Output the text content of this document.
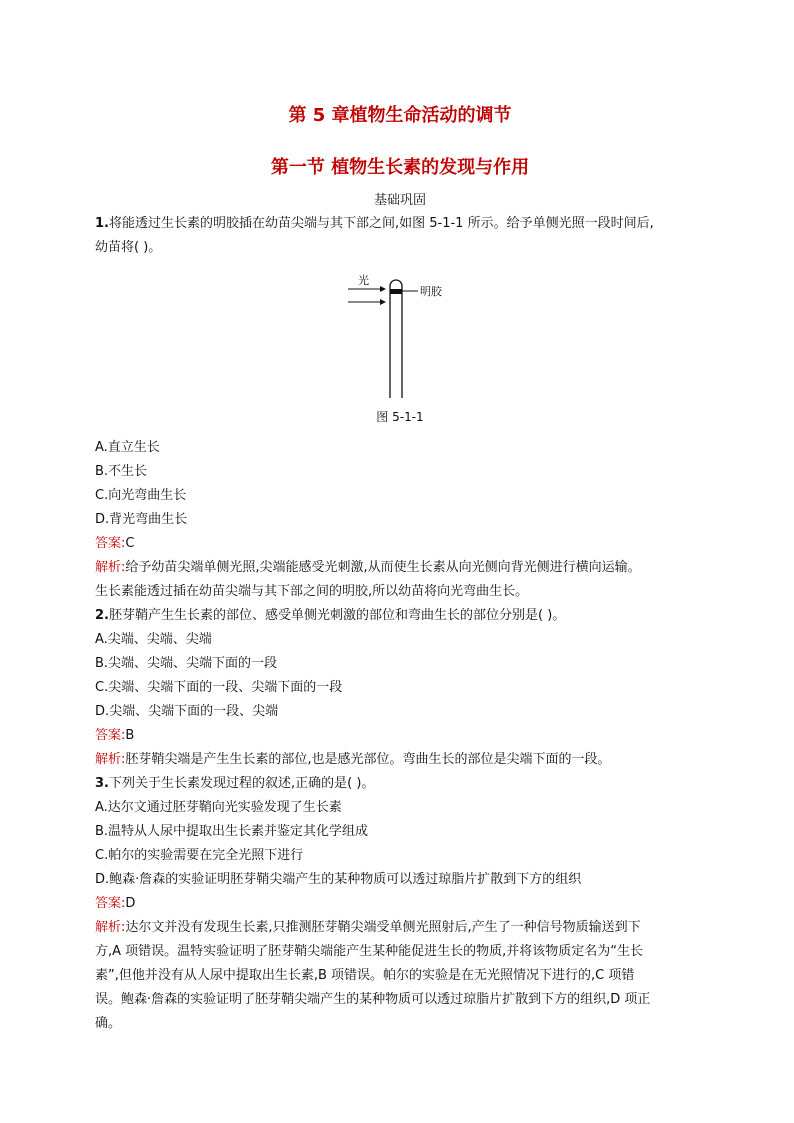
第 5 章植物生命活动的调节
第一节 植物生长素的发现与作用
基础巩固

1.将能透过生长素的明胶插在幼苗尖端与其下部之间,如图 5-1-1 所示。给予单侧光照一段时间后,

幼苗将( )。

光
明胶

图 5-1-1

A.直立生长

B.不生长

C.向光弯曲生长

D.背光弯曲生长

答案:C

解析:给予幼苗尖端单侧光照,尖端能感受光刺激,从而使生长素从向光侧向背光侧进行横向运输。

生长素能透过插在幼苗尖端与其下部之间的明胶,所以幼苗将向光弯曲生长。

2.胚芽鞘产生生长素的部位、感受单侧光刺激的部位和弯曲生长的部位分别是( )。

A.尖端、尖端、尖端

B.尖端、尖端、尖端下面的一段

C.尖端、尖端下面的一段、尖端下面的一段

D.尖端、尖端下面的一段、尖端

答案:B

解析:胚芽鞘尖端是产生生长素的部位,也是感光部位。弯曲生长的部位是尖端下面的一段。

3.下列关于生长素发现过程的叙述,正确的是( )。

A.达尔文通过胚芽鞘向光实验发现了生长素

B.温特从人尿中提取出生长素并鉴定其化学组成

C.帕尔的实验需要在完全光照下进行

D.鲍森·詹森的实验证明胚芽鞘尖端产生的某种物质可以透过琼脂片扩散到下方的组织

答案:D

解析:达尔文并没有发现生长素,只推测胚芽鞘尖端受单侧光照射后,产生了一种信号物质输送到下

方,A 项错误。温特实验证明了胚芽鞘尖端能产生某种能促进生长的物质,并将该物质定名为“生长

素”,但他并没有从人尿中提取出生长素,B 项错误。帕尔的实验是在无光照情况下进行的,C 项错

误。鲍森·詹森的实验证明了胚芽鞘尖端产生的某种物质可以透过琼脂片扩散到下方的组织,D 项正

确。
